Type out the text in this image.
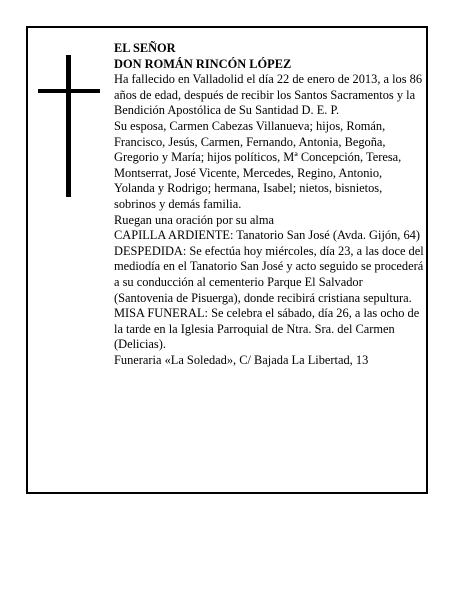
EL SEÑOR

DON ROMÁN RINCÓN LÓPEZ

Ha fallecido en Valladolid el día 22 de enero de 2013, a los 86 años de edad, después de recibir los Santos Sacramentos y la Bendición Apostólica de Su Santidad D. E. P.

Su esposa, Carmen Cabezas Villanueva; hijos, Román, Francisco, Jesús, Carmen, Fernando, Antonia, Begoña, Gregorio y María; hijos políticos, Mª Concepción, Teresa, Montserrat, José Vicente, Mercedes, Regino, Antonio, Yolanda y Rodrigo; hermana, Isabel; nietos, bisnietos, sobrinos y demás familia.

Ruegan una oración por su alma

CAPILLA ARDIENTE: Tanatorio San José (Avda. Gijón, 64)

DESPEDIDA: Se efectúa hoy miércoles, día 23, a las doce del mediodía en el Tanatorio San José y acto seguido se procederá a su conducción al cementerio Parque El Salvador (Santovenia de Pisuerga), donde recibirá cristiana sepultura.

MISA FUNERAL: Se celebra el sábado, día 26, a las ocho de la tarde en la Iglesia Parroquial de Ntra. Sra. del Carmen (Delicias).

Funeraria «La Soledad», C/ Bajada La Libertad, 13
